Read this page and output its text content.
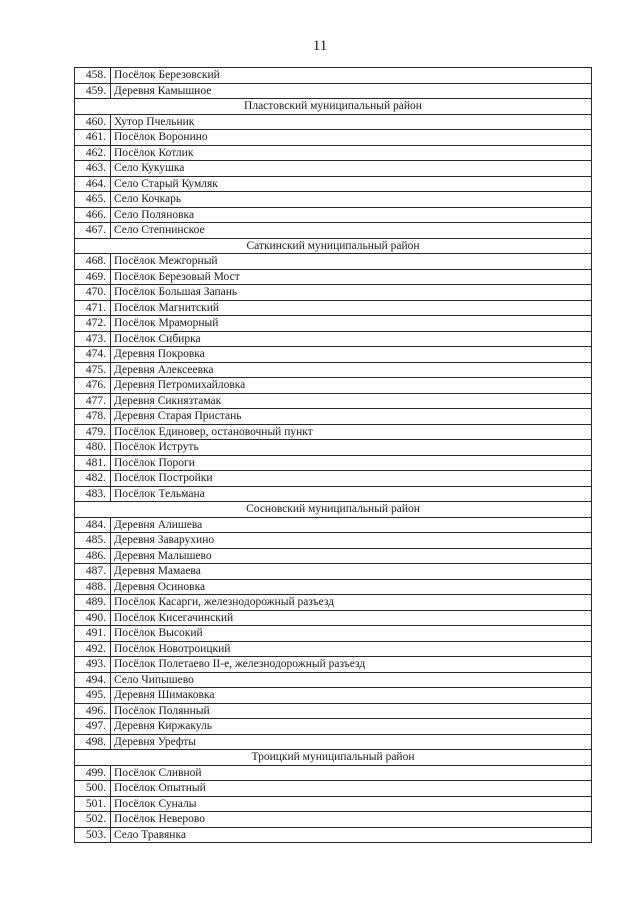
11
458.	Посёлок Березовский
459.	Деревня Камышное
Пластовский муниципальный район	
460.	Хутор Пчельник
461.	Посёлок Воронино
462.	Посёлок Котлик
463.	Село Кукушка
464.	Село Старый Кумляк
465.	Село Кочкарь
466.	Село Поляновка
467.	Село Степнинское
Саткинский муниципальный район	
468.	Посёлок Межгорный
469.	Посёлок Березовый Мост
470.	Посёлок Большая Запань
471.	Посёлок Магнитский
472.	Посёлок Мраморный
473.	Посёлок Сибирка
474.	Деревня Покровка
475.	Деревня Алексеевка
476.	Деревня Петромихайловка
477.	Деревня Сикиязтамак
478.	Деревня Старая Пристань
479.	Посёлок Единовер, остановочный пункт
480.	Посёлок Иструть
481.	Посёлок Пороги
482.	Посёлок Постройки
483.	Посёлок Тельмана
Сосновский муниципальный район	
484.	Деревня Алишева
485.	Деревня Заварухино
486.	Деревня Малышево
487.	Деревня Мамаева
488.	Деревня Осиновка
489.	Посёлок Касарги, железнодорожный разъезд
490.	Посёлок Кисегачинский
491.	Посёлок Высокий
492.	Посёлок Новотроицкий
493.	Посёлок Полетаево II-е, железнодорожный разъезд
494.	Село Чипышево
495.	Деревня Шимаковка
496.	Посёлок Полянный
497.	Деревня Киржакуль
498.	Деревня Урефты
Троицкий муниципальный район	
499.	Посёлок Сливной
500.	Посёлок Опытный
501.	Посёлок Суналы
502.	Посёлок Неверово
503.	Село Травянка
